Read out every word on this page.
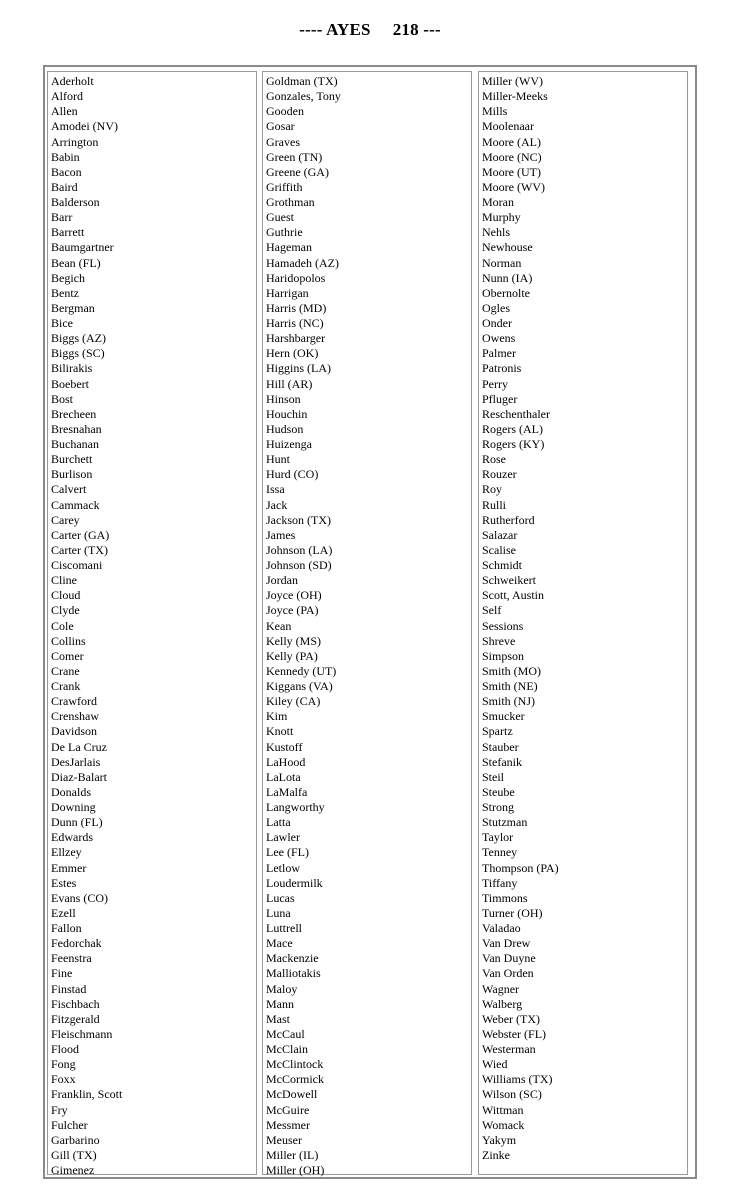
---- AYES 218 ---
Aderholt
Alford
Allen
Amodei (NV)
Arrington
Babin
Bacon
Baird
Balderson
Barr
Barrett
Baumgartner
Bean (FL)
Begich
Bentz
Bergman
Bice
Biggs (AZ)
Biggs (SC)
Bilirakis
Boebert
Bost
Brecheen
Bresnahan
Buchanan
Burchett
Burlison
Calvert
Cammack
Carey
Carter (GA)
Carter (TX)
Ciscomani
Cline
Cloud
Clyde
Cole
Collins
Comer
Crane
Crank
Crawford
Crenshaw
Davidson
De La Cruz
DesJarlais
Diaz-Balart
Donalds
Downing
Dunn (FL)
Edwards
Ellzey
Emmer
Estes
Evans (CO)
Ezell
Fallon
Fedorchak
Feenstra
Fine
Finstad
Fischbach
Fitzgerald
Fleischmann
Flood
Fong
Foxx
Franklin, Scott
Fry
Fulcher
Garbarino
Gill (TX)
Gimenez
Goldman (TX)
Gonzales, Tony
Gooden
Gosar
Graves
Green (TN)
Greene (GA)
Griffith
Grothman
Guest
Guthrie
Hageman
Hamadeh (AZ)
Haridopolos
Harrigan
Harris (MD)
Harris (NC)
Harshbarger
Hern (OK)
Higgins (LA)
Hill (AR)
Hinson
Houchin
Hudson
Huizenga
Hunt
Hurd (CO)
Issa
Jack
Jackson (TX)
James
Johnson (LA)
Johnson (SD)
Jordan
Joyce (OH)
Joyce (PA)
Kean
Kelly (MS)
Kelly (PA)
Kennedy (UT)
Kiggans (VA)
Kiley (CA)
Kim
Knott
Kustoff
LaHood
LaLota
LaMalfa
Langworthy
Latta
Lawler
Lee (FL)
Letlow
Loudermilk
Lucas
Luna
Luttrell
Mace
Mackenzie
Malliotakis
Maloy
Mann
Mast
McCaul
McClain
McClintock
McCormick
McDowell
McGuire
Messmer
Meuser
Miller (IL)
Miller (OH)
Miller (WV)
Miller-Meeks
Mills
Moolenaar
Moore (AL)
Moore (NC)
Moore (UT)
Moore (WV)
Moran
Murphy
Nehls
Newhouse
Norman
Nunn (IA)
Obernolte
Ogles
Onder
Owens
Palmer
Patronis
Perry
Pfluger
Reschenthaler
Rogers (AL)
Rogers (KY)
Rose
Rouzer
Roy
Rulli
Rutherford
Salazar
Scalise
Schmidt
Schweikert
Scott, Austin
Self
Sessions
Shreve
Simpson
Smith (MO)
Smith (NE)
Smith (NJ)
Smucker
Spartz
Stauber
Stefanik
Steil
Steube
Strong
Stutzman
Taylor
Tenney
Thompson (PA)
Tiffany
Timmons
Turner (OH)
Valadao
Van Drew
Van Duyne
Van Orden
Wagner
Walberg
Weber (TX)
Webster (FL)
Westerman
Wied
Williams (TX)
Wilson (SC)
Wittman
Womack
Yakym
Zinke
